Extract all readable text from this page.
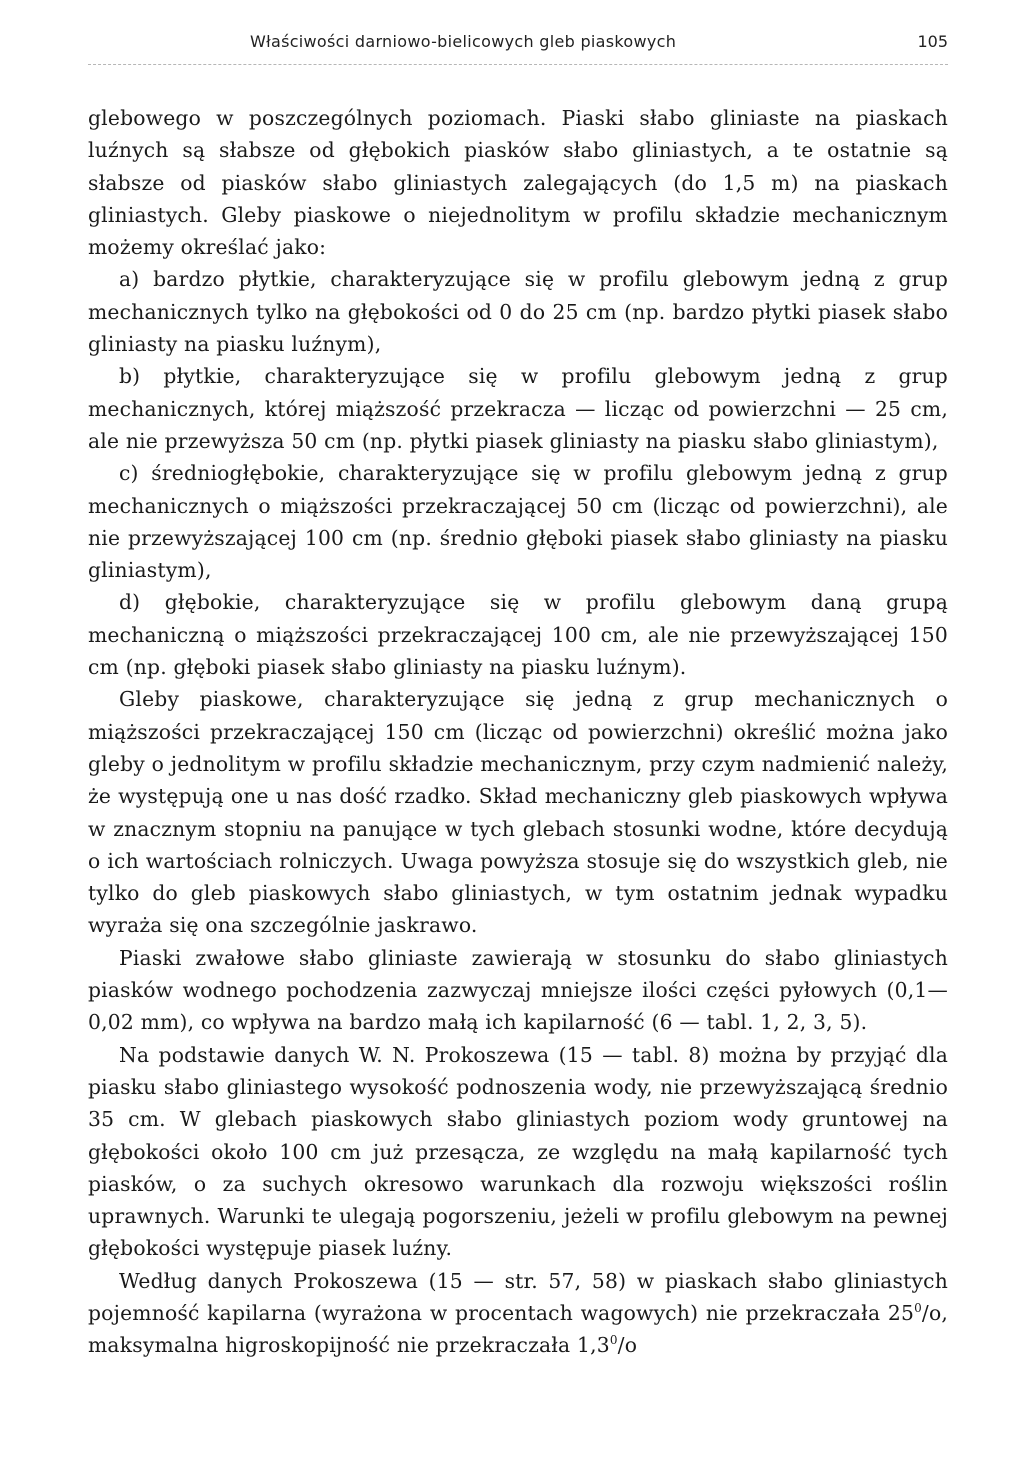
Właściwości darniowo-bielicowych gleb piaskowych	105

glebowego w poszczególnych poziomach. Piaski słabo gliniaste na piaskach luźnych są słabsze od głębokich piasków słabo gliniastych, a te ostatnie są słabsze od piasków słabo gliniastych zalegających (do 1,5 m) na piaskach gliniastych. Gleby piaskowe o niejednolitym w profilu składzie mechanicznym możemy określać jako:

a) bardzo płytkie, charakteryzujące się w profilu glebowym jedną z grup mechanicznych tylko na głębokości od 0 do 25 cm (np. bardzo płytki piasek słabo gliniasty na piasku luźnym),

b) płytkie, charakteryzujące się w profilu glebowym jedną z grup mechanicznych, której miąższość przekracza — licząc od powierzchni — 25 cm, ale nie przewyższa 50 cm (np. płytki piasek gliniasty na piasku słabo gliniastym),

c) średniogłębokie, charakteryzujące się w profilu glebowym jedną z grup mechanicznych o miąższości przekraczającej 50 cm (licząc od powierzchni), ale nie przewyższającej 100 cm (np. średnio głęboki piasek słabo gliniasty na piasku gliniastym),

d) głębokie, charakteryzujące się w profilu glebowym daną grupą mechaniczną o miąższości przekraczającej 100 cm, ale nie przewyższającej 150 cm (np. głęboki piasek słabo gliniasty na piasku luźnym).

Gleby piaskowe, charakteryzujące się jedną z grup mechanicznych o miąższości przekraczającej 150 cm (licząc od powierzchni) określić można jako gleby o jednolitym w profilu składzie mechanicznym, przy czym nadmienić należy, że występują one u nas dość rzadko. Skład mechaniczny gleb piaskowych wpływa w znacznym stopniu na panujące w tych glebach stosunki wodne, które decydują o ich wartościach rolniczych. Uwaga powyższa stosuje się do wszystkich gleb, nie tylko do gleb piaskowych słabo gliniastych, w tym ostatnim jednak wypadku wyraża się ona szczególnie jaskrawo.

Piaski zwałowe słabo gliniaste zawierają w stosunku do słabo gliniastych piasków wodnego pochodzenia zazwyczaj mniejsze ilości części pyłowych (0,1—0,02 mm), co wpływa na bardzo małą ich kapilarność (6 — tabl. 1, 2, 3, 5).

Na podstawie danych W. N. Prokoszewa (15 — tabl. 8) można by przyjąć dla piasku słabo gliniastego wysokość podnoszenia wody, nie przewyższającą średnio 35 cm. W glebach piaskowych słabo gliniastych poziom wody gruntowej na głębokości około 100 cm już przesącza, ze względu na małą kapilarność tych piasków, o za suchych okresowo warunkach dla rozwoju większości roślin uprawnych. Warunki te ulegają pogorszeniu, jeżeli w profilu glebowym na pewnej głębokości występuje piasek luźny.

Według danych Prokoszewa (15 — str. 57, 58) w piaskach słabo gliniastych pojemność kapilarna (wyrażona w procentach wagowych) nie przekraczała $25^0/o$, maksymalna higroskopijność nie przekraczała $1,3^0/o$
